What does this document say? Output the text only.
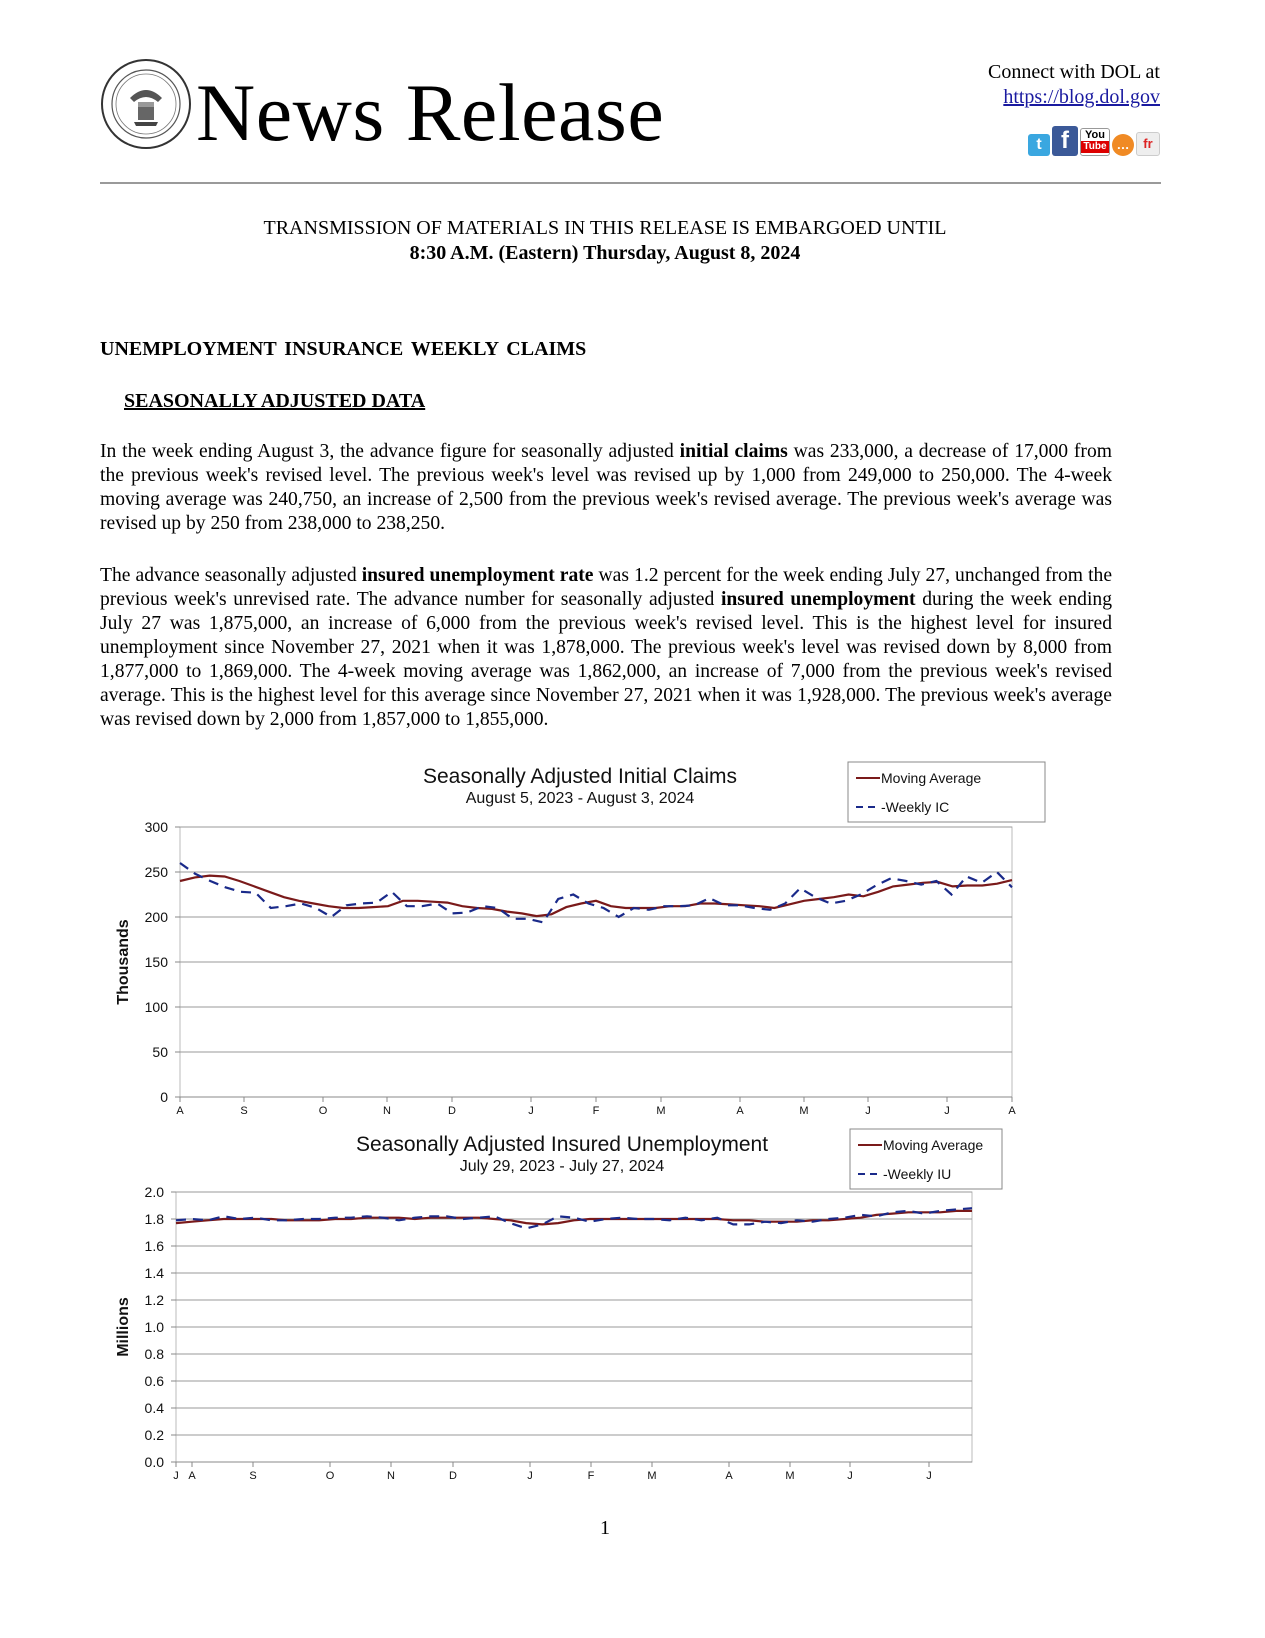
News Release	Connect with DOL at
https://blog.dol.gov
t f	You
Tube …	fr
TRANSMISSION OF MATERIALS IN THIS RELEASE IS EMBARGOED UNTIL
8:30 A.M. (Eastern) Thursday, August 8, 2024
UNEMPLOYMENT INSURANCE WEEKLY CLAIMS
SEASONALLY ADJUSTED DATA
In the week ending August 3, the advance figure for seasonally adjusted initial claims was 233,000, a decrease of 17,000 from the previous week's revised level. The previous week's level was revised up by 1,000 from 249,000 to 250,000. The 4-week moving average was 240,750, an increase of 2,500 from the previous week's revised average. The previous week's average was revised up by 250 from 238,000 to 238,250.
The advance seasonally adjusted insured unemployment rate was 1.2 percent for the week ending July 27, unchanged from the previous week's unrevised rate. The advance number for seasonally adjusted insured unemployment during the week ending July 27 was 1,875,000, an increase of 6,000 from the previous week's revised level. This is the highest level for insured unemployment since November 27, 2021 when it was 1,878,000. The previous week's level was revised down by 8,000 from 1,877,000 to 1,869,000. The 4-week moving average was 1,862,000, an increase of 7,000 from the previous week's revised average. This is the highest level for this average since November 27, 2021 when it was 1,928,000. The previous week's average was revised down by 2,000 from 1,857,000 to 1,855,000.
Seasonally Adjusted Initial Claims
August 5, 2023 - August 3, 2024
Moving Average
-Weekly IC
0
50
100
150
200
250
300
Thousands
A	S	O	N	D	J	F	M	A	M	J	J	A
Seasonally Adjusted Insured Unemployment
July 29, 2023 - July 27, 2024
Moving Average
-Weekly IU
0.0
0.2
0.4
0.6
0.8
1.0
1.2
1.4
1.6
1.8
2.0
Millions
J A	S	O	N	D	J	F	M	A	M	J	J
1
